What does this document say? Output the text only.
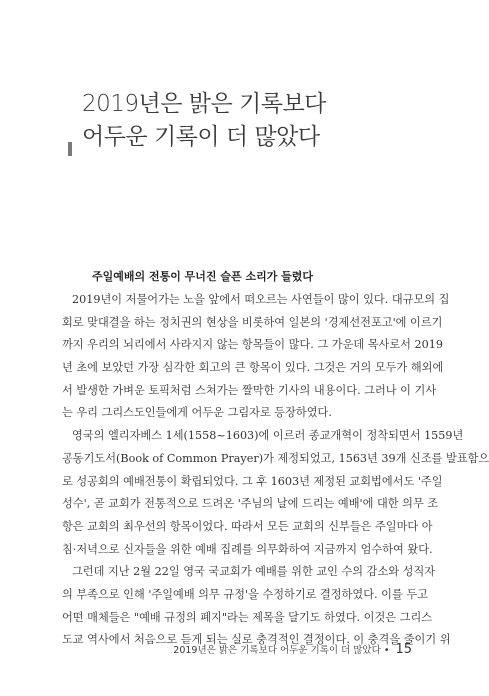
2019년은 밝은 기록보다
어두운 기록이 더 많았다
주일예배의 전통이 무너진 슬픈 소리가 들렸다
2019년이 저물어가는 노을 앞에서 떠오르는 사연들이 많이 있다. 대규모의 집
회로 맞대결을 하는 정치권의 현상을 비롯하여 일본의 '경제선전포고'에 이르기
까지 우리의 뇌리에서 사라지지 않는 항목들이 많다. 그 가운데 목사로서 2019
년 초에 보았던 가장 심각한 회고의 큰 항목이 있다. 그것은 거의 모두가 해외에
서 발생한 가벼운 토픽처럼 스쳐가는 짤막한 기사의 내용이다. 그러나 이 기사
는 우리 그리스도인들에게 어두운 그림자로 등장하였다.
영국의 엘리자베스 1세(1558~1603)에 이르러 종교개혁이 정착되면서 1559년
공동기도서(Book of Common Prayer)가 제정되었고, 1563년 39개 신조를 발표함으
로 성공회의 예배전통이 확립되었다. 그 후 1603년 제정된 교회법에서도 '주일
성수', 곧 교회가 전통적으로 드려온 '주님의 날에 드리는 예배'에 대한 의무 조
항은 교회의 최우선의 항목이었다. 따라서 모든 교회의 신부들은 주일마다 아
침·저녁으로 신자들을 위한 예배 집례를 의무화하여 지금까지 엄수하여 왔다.
그런데 지난 2월 22일 영국 국교회가 예배를 위한 교인 수의 감소와 성직자
의 부족으로 인해 '주일예배 의무 규정'을 수정하기로 결정하였다. 이를 두고
어떤 매체들은 "예배 규정의 폐지"라는 제목을 달기도 하였다. 이것은 그리스
도교 역사에서 처음으로 듣게 되는 실로 충격적인 결정이다. 이 충격을 줄이기 위
2019년은 밝은 기록보다 어두운 기록이 더 많았다 • 15
